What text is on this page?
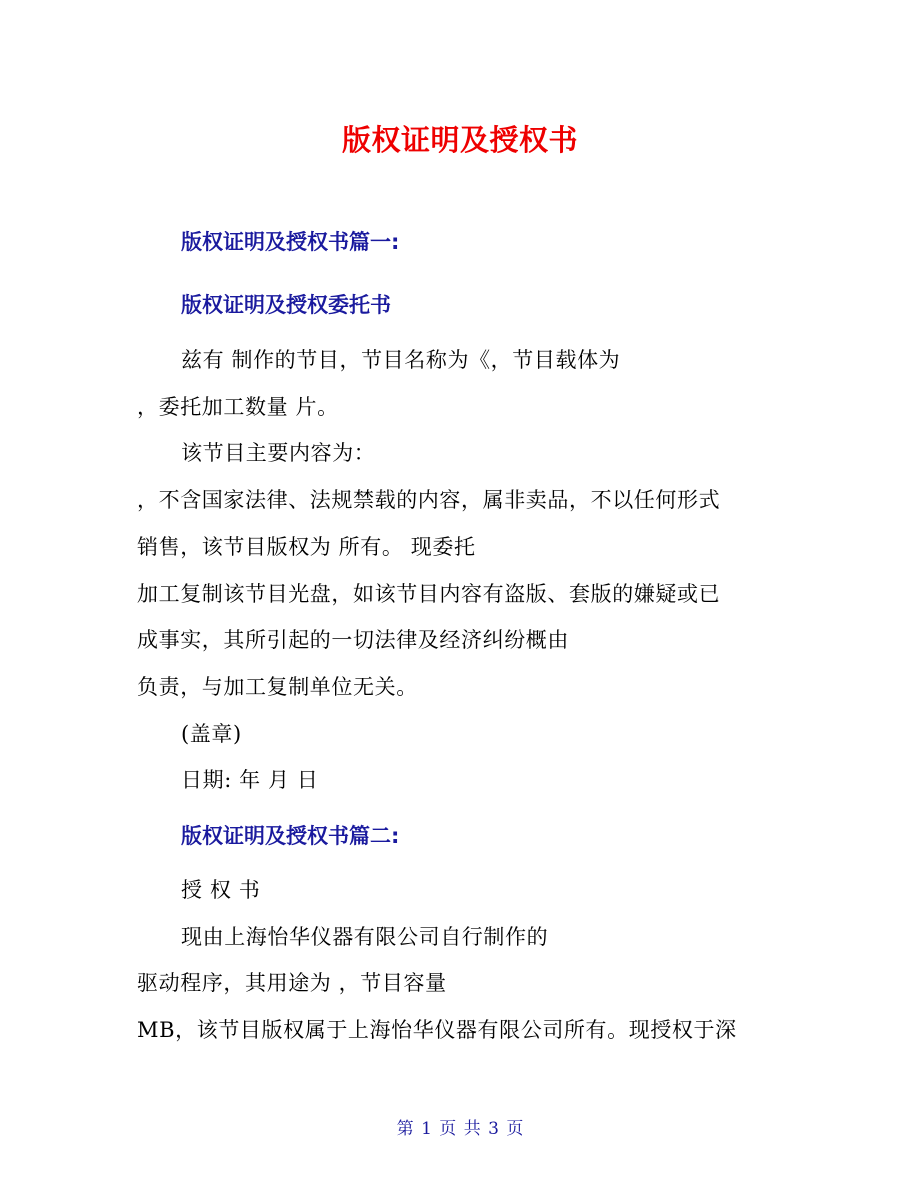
版权证明及授权书
版权证明及授权书篇一:
版权证明及授权委托书
兹有 制作的节目，节目名称为《，节目载体为
，委托加工数量 片。
该节目主要内容为：
，不含国家法律、法规禁载的内容，属非卖品，不以任何形式
销售，该节目版权为 所有。 现委托
加工复制该节目光盘，如该节目内容有盗版、套版的嫌疑或已
成事实，其所引起的一切法律及经济纠纷概由
负责，与加工复制单位无关。
(盖章)
日期: 年 月 日
版权证明及授权书篇二:
授 权 书
现由上海怡华仪器有限公司自行制作的
驱动程序，其用途为 ，节目容量
MB，该节目版权属于上海怡华仪器有限公司所有。现授权于深
第 1 页 共 3 页
